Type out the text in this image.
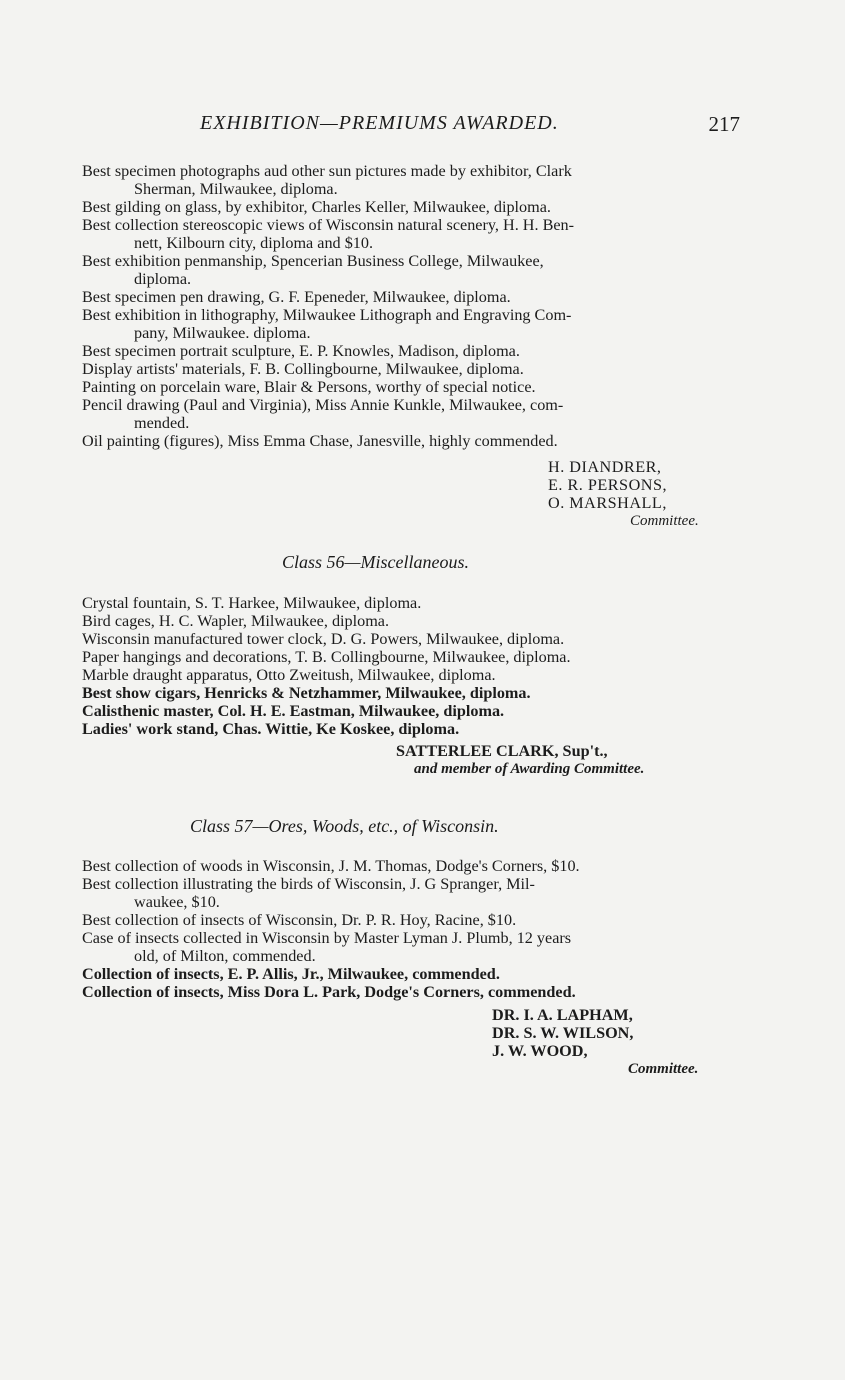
EXHIBITION—PREMIUMS AWARDED.	217
Best specimen photographs aud other sun pictures made by exhibitor, Clark
Sherman, Milwaukee, diploma.
Best gilding on glass, by exhibitor, Charles Keller, Milwaukee, diploma.
Best collection stereoscopic views of Wisconsin natural scenery, H. H. Ben-
nett, Kilbourn city, diploma and $10.
Best exhibition penmanship, Spencerian Business College, Milwaukee,
diploma.
Best specimen pen drawing, G. F. Epeneder, Milwaukee, diploma.
Best exhibition in lithography, Milwaukee Lithograph and Engraving Com-
pany, Milwaukee. diploma.
Best specimen portrait sculpture, E. P. Knowles, Madison, diploma.
Display artists' materials, F. B. Collingbourne, Milwaukee, diploma.
Painting on porcelain ware, Blair & Persons, worthy of special notice.
Pencil drawing (Paul and Virginia), Miss Annie Kunkle, Milwaukee, com-
mended.
Oil painting (figures), Miss Emma Chase, Janesville, highly commended.
H. DIANDRER,
E. R. PERSONS,
O. MARSHALL,
Committee.
Class 56—Miscellaneous.
Crystal fountain, S. T. Harkee, Milwaukee, diploma.
Bird cages, H. C. Wapler, Milwaukee, diploma.
Wisconsin manufactured tower clock, D. G. Powers, Milwaukee, diploma.
Paper hangings and decorations, T. B. Collingbourne, Milwaukee, diploma.
Marble draught apparatus, Otto Zweitush, Milwaukee, diploma.
Best show cigars, Henricks & Netzhammer, Milwaukee, diploma.
Calisthenic master, Col. H. E. Eastman, Milwaukee, diploma.
Ladies' work stand, Chas. Wittie, Ke Koskee, diploma.
SATTERLEE CLARK, Sup't.,
and member of Awarding Committee.
Class 57—Ores, Woods, etc., of Wisconsin.
Best collection of woods in Wisconsin, J. M. Thomas, Dodge's Corners, $10.
Best collection illustrating the birds of Wisconsin, J. G Spranger, Mil-
waukee, $10.
Best collection of insects of Wisconsin, Dr. P. R. Hoy, Racine, $10.
Case of insects collected in Wisconsin by Master Lyman J. Plumb, 12 years
old, of Milton, commended.
Collection of insects, E. P. Allis, Jr., Milwaukee, commended.
Collection of insects, Miss Dora L. Park, Dodge's Corners, commended.
DR. I. A. LAPHAM,
DR. S. W. WILSON,
J. W. WOOD,
Committee.
